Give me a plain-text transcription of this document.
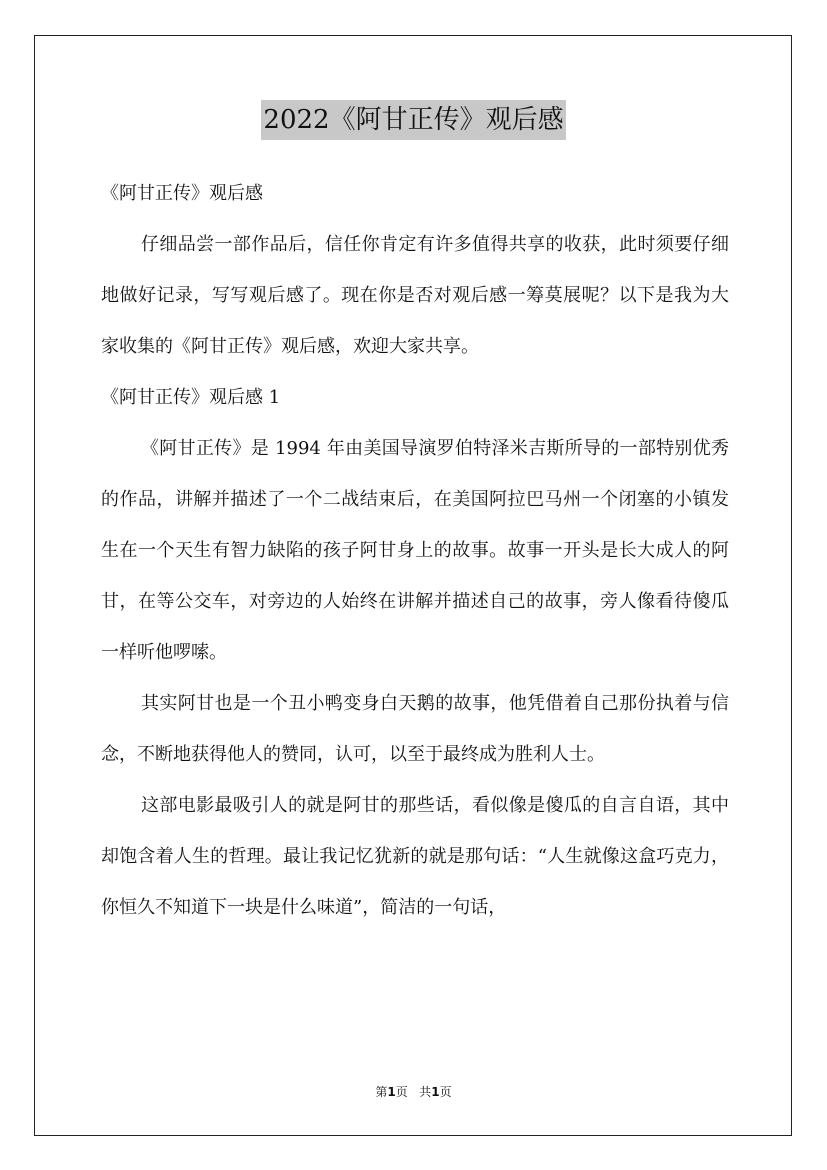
2022《阿甘正传》观后感

《阿甘正传》观后感

仔细品尝一部作品后，信任你肯定有许多值得共享的收获，此时须要仔细地做好记录，写写观后感了。现在你是否对观后感一筹莫展呢？以下是我为大家收集的《阿甘正传》观后感，欢迎大家共享。

《阿甘正传》观后感 1

《阿甘正传》是 1994 年由美国导演罗伯特泽米吉斯所导的一部特别优秀的作品，讲解并描述了一个二战结束后，在美国阿拉巴马州一个闭塞的小镇发生在一个天生有智力缺陷的孩子阿甘身上的故事。故事一开头是长大成人的阿甘，在等公交车，对旁边的人始终在讲解并描述自己的故事，旁人像看待傻瓜一样听他啰嗦。

其实阿甘也是一个丑小鸭变身白天鹅的故事，他凭借着自己那份执着与信念，不断地获得他人的赞同，认可，以至于最终成为胜利人士。

这部电影最吸引人的就是阿甘的那些话，看似像是傻瓜的自言自语，其中却饱含着人生的哲理。最让我记忆犹新的就是那句话：“人生就像这盒巧克力，你恒久不知道下一块是什么味道”，简洁的一句话，

第1页 共1页
